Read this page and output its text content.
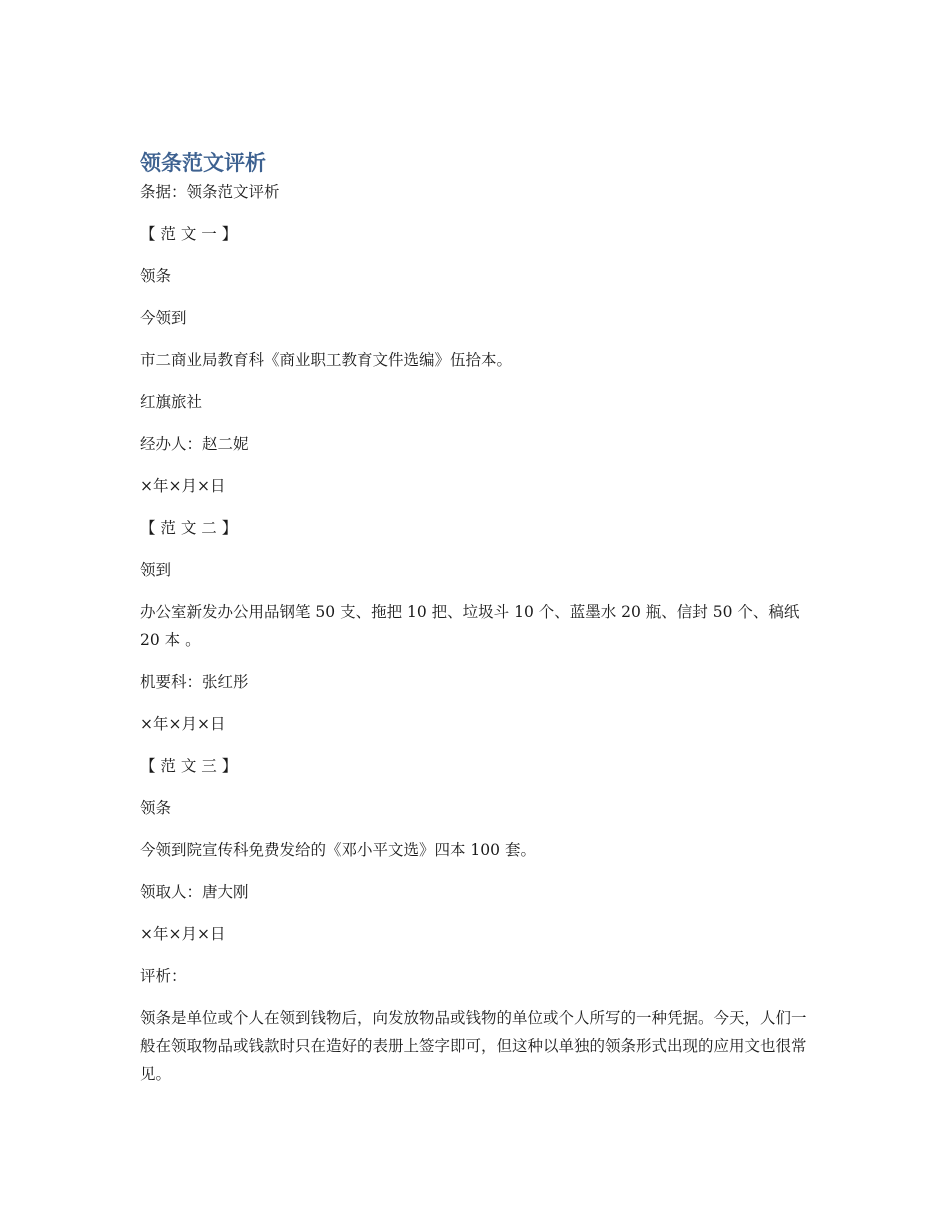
领条范文评析

条据：领条范文评析

【 范 文 一 】

领条

今领到

市二商业局教育科《商业职工教育文件选编》伍拾本。

红旗旅社

经办人：赵二妮

×年×月×日

【 范 文 二 】

领到

办公室新发办公用品钢笔 50 支、拖把 10 把、垃圾斗 10 个、蓝墨水 20 瓶、信封 50 个、稿纸 20 本 。

机要科：张红彤

×年×月×日

【 范 文 三 】

领条

今领到院宣传科免费发给的《邓小平文选》四本 100 套。

领取人：唐大刚

×年×月×日

评析：

领条是单位或个人在领到钱物后，向发放物品或钱物的单位或个人所写的一种凭据。今天，人们一般在领取物品或钱款时只在造好的表册上签字即可，但这种以单独的领条形式出现的应用文也很常见。
